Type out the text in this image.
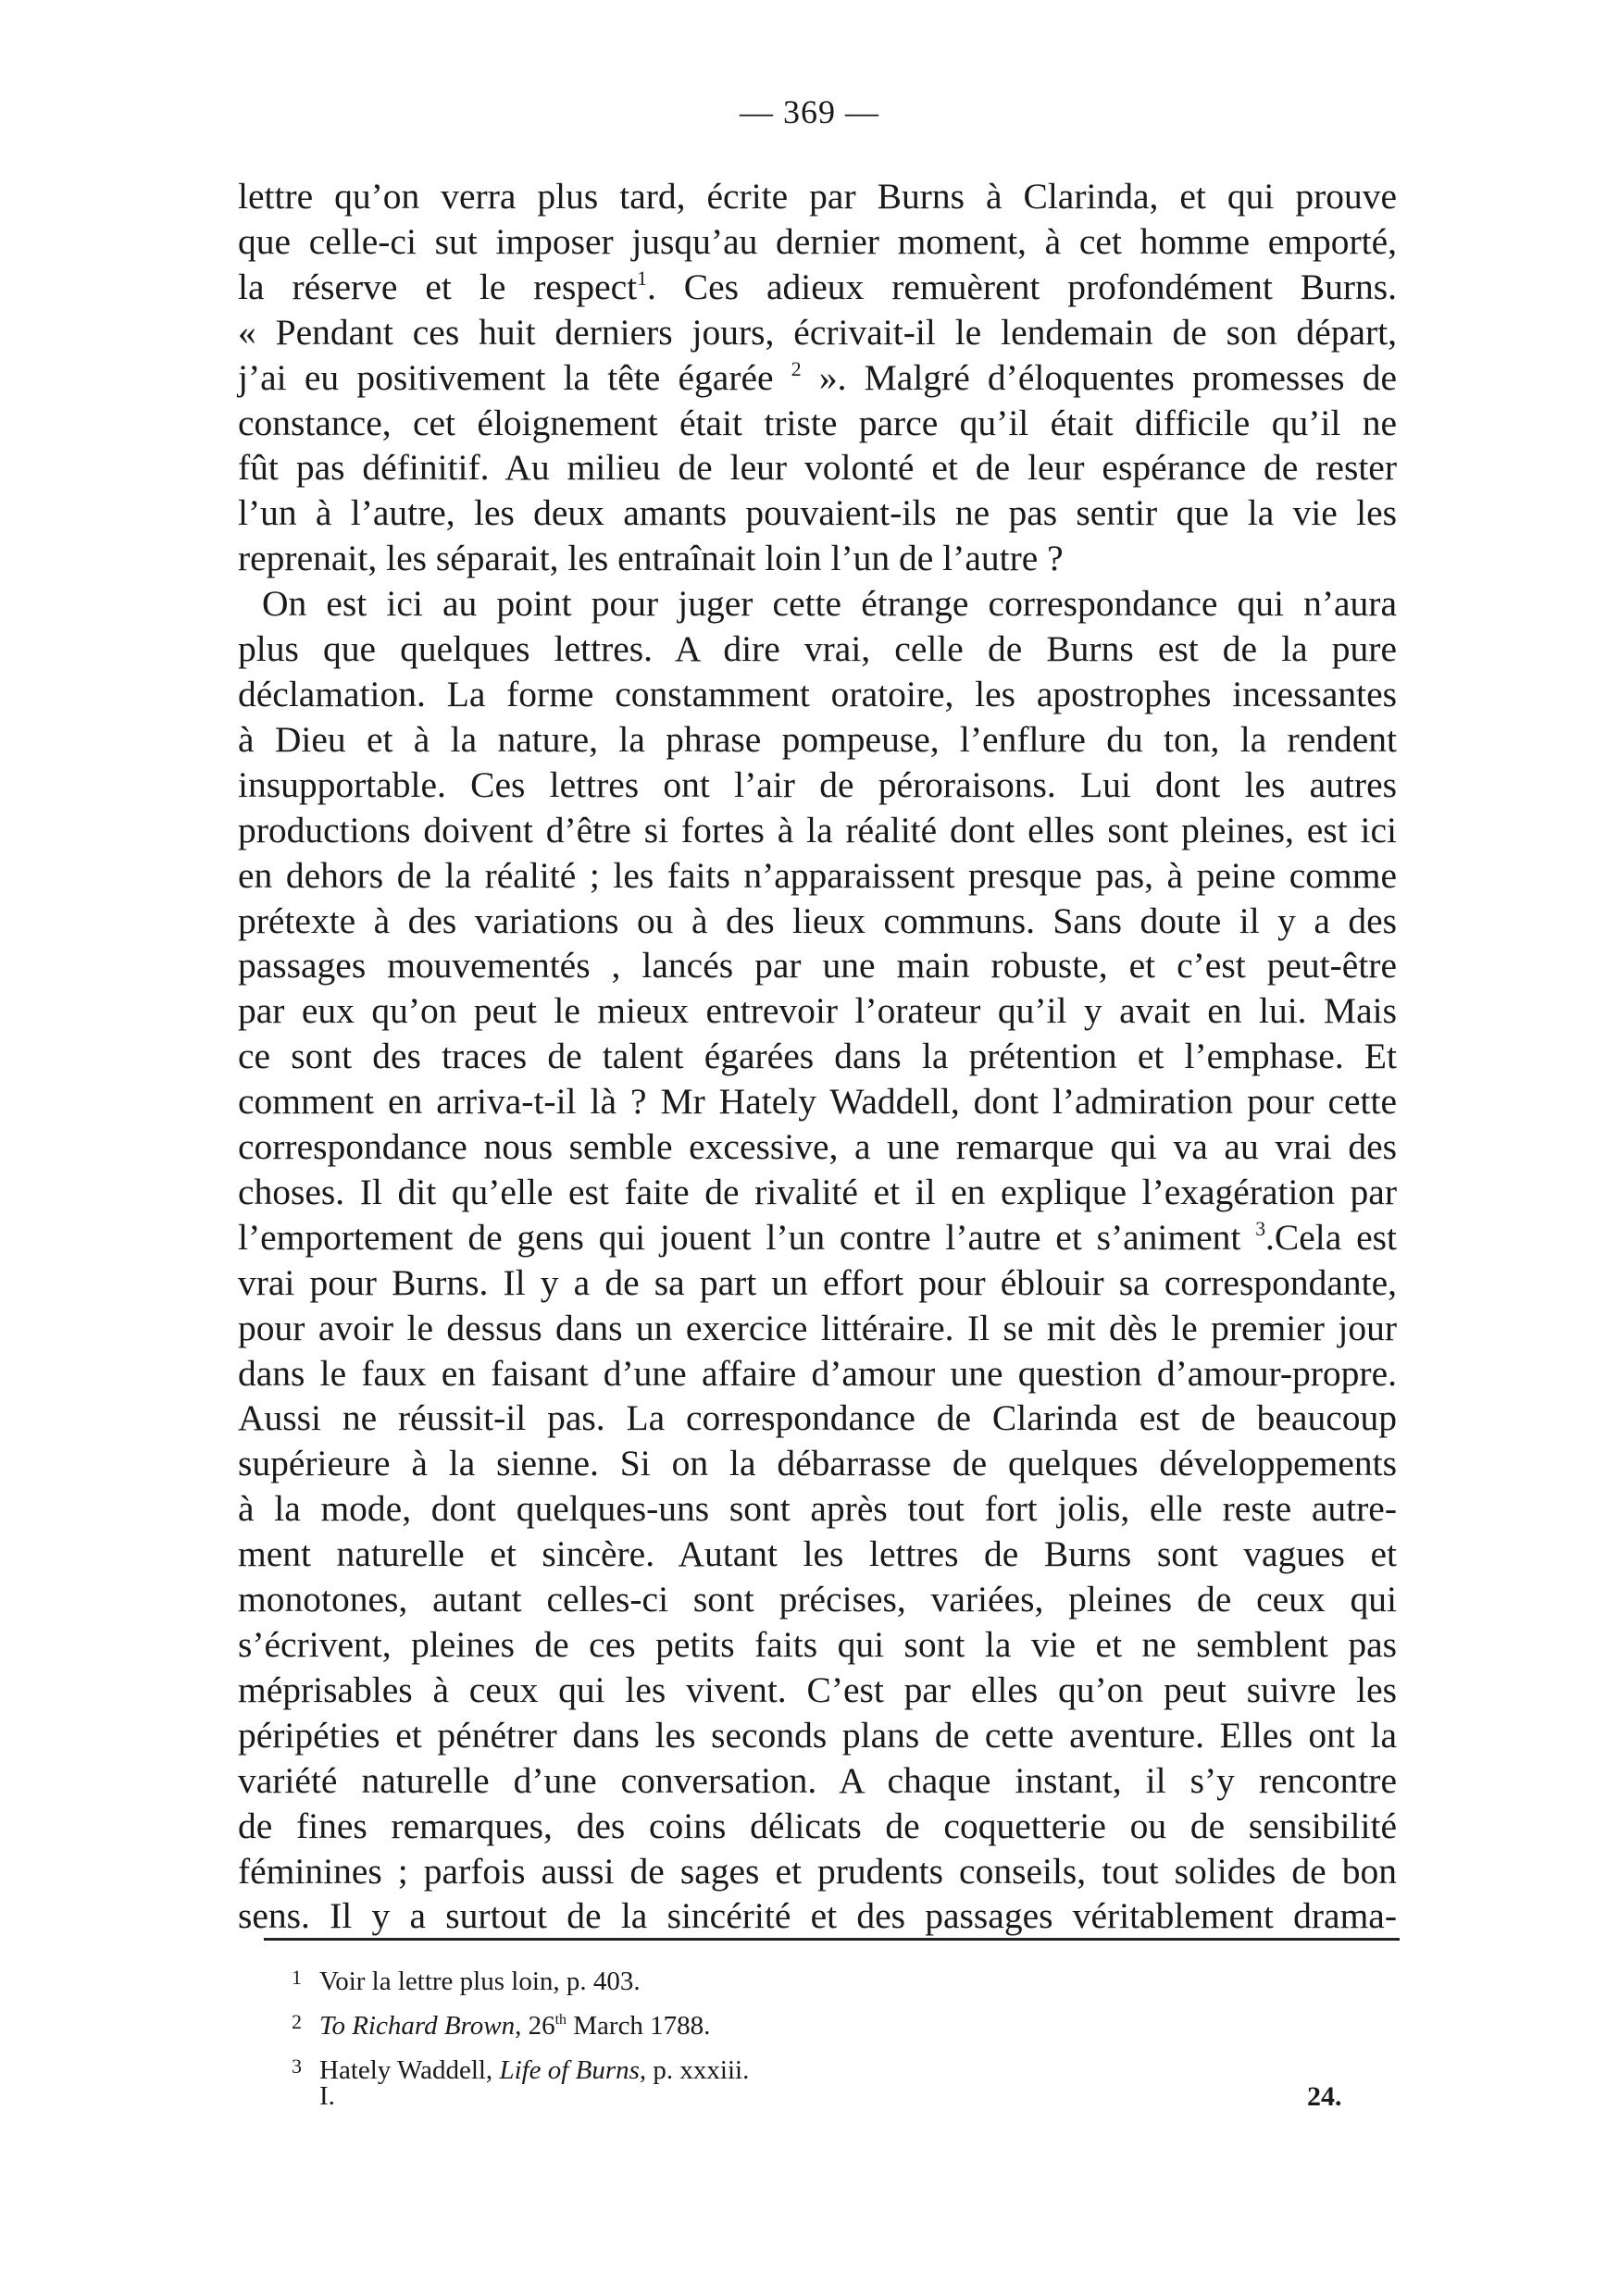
— 369 —
lettre qu’on verra plus tard, écrite par Burns à Clarinda, et qui prouve
que celle-ci sut imposer jusqu’au dernier moment, à cet homme emporté,
la réserve et le respect$^1$. Ces adieux remuèrent profondément Burns.
« Pendant ces huit derniers jours, écrivait-il le lendemain de son départ,
j’ai eu positivement la tête égarée $^2$ ». Malgré d’éloquentes promesses de
constance, cet éloignement était triste parce qu’il était difficile qu’il ne
fût pas définitif. Au milieu de leur volonté et de leur espérance de rester
l’un à l’autre, les deux amants pouvaient-ils ne pas sentir que la vie les
reprenait, les séparait, les entraînait loin l’un de l’autre ?
On est ici au point pour juger cette étrange correspondance qui n’aura
plus que quelques lettres. A dire vrai, celle de Burns est de la pure
déclamation. La forme constamment oratoire, les apostrophes incessantes
à Dieu et à la nature, la phrase pompeuse, l’enflure du ton, la rendent
insupportable. Ces lettres ont l’air de péroraisons. Lui dont les autres
productions doivent d’être si fortes à la réalité dont elles sont pleines, est ici
en dehors de la réalité ; les faits n’apparaissent presque pas, à peine comme
prétexte à des variations ou à des lieux communs. Sans doute il y a des
passages mouvementés , lancés par une main robuste, et c’est peut-être
par eux qu’on peut le mieux entrevoir l’orateur qu’il y avait en lui. Mais
ce sont des traces de talent égarées dans la prétention et l’emphase. Et
comment en arriva-t-il là ? Mr Hately Waddell, dont l’admiration pour cette
correspondance nous semble excessive, a une remarque qui va au vrai des
choses. Il dit qu’elle est faite de rivalité et il en explique l’exagération par
l’emportement de gens qui jouent l’un contre l’autre et s’animent $^3$.Cela est
vrai pour Burns. Il y a de sa part un effort pour éblouir sa correspondante,
pour avoir le dessus dans un exercice littéraire. Il se mit dès le premier jour
dans le faux en faisant d’une affaire d’amour une question d’amour-propre.
Aussi ne réussit-il pas. La correspondance de Clarinda est de beaucoup
supérieure à la sienne. Si on la débarrasse de quelques développements
à la mode, dont quelques-uns sont après tout fort jolis, elle reste autre-
ment naturelle et sincère. Autant les lettres de Burns sont vagues et
monotones, autant celles-ci sont précises, variées, pleines de ceux qui
s’écrivent, pleines de ces petits faits qui sont la vie et ne semblent pas
méprisables à ceux qui les vivent. C’est par elles qu’on peut suivre les
péripéties et pénétrer dans les seconds plans de cette aventure. Elles ont la
variété naturelle d’une conversation. A chaque instant, il s’y rencontre
de fines remarques, des coins délicats de coquetterie ou de sensibilité
féminines ; parfois aussi de sages et prudents conseils, tout solides de bon
sens. Il y a surtout de la sincérité et des passages véritablement drama-
1 Voir la lettre plus loin, p. 403.
2 To Richard Brown, 26th March 1788.
3 Hately Waddell, Life of Burns, p. xxxiii.
I.	24.
